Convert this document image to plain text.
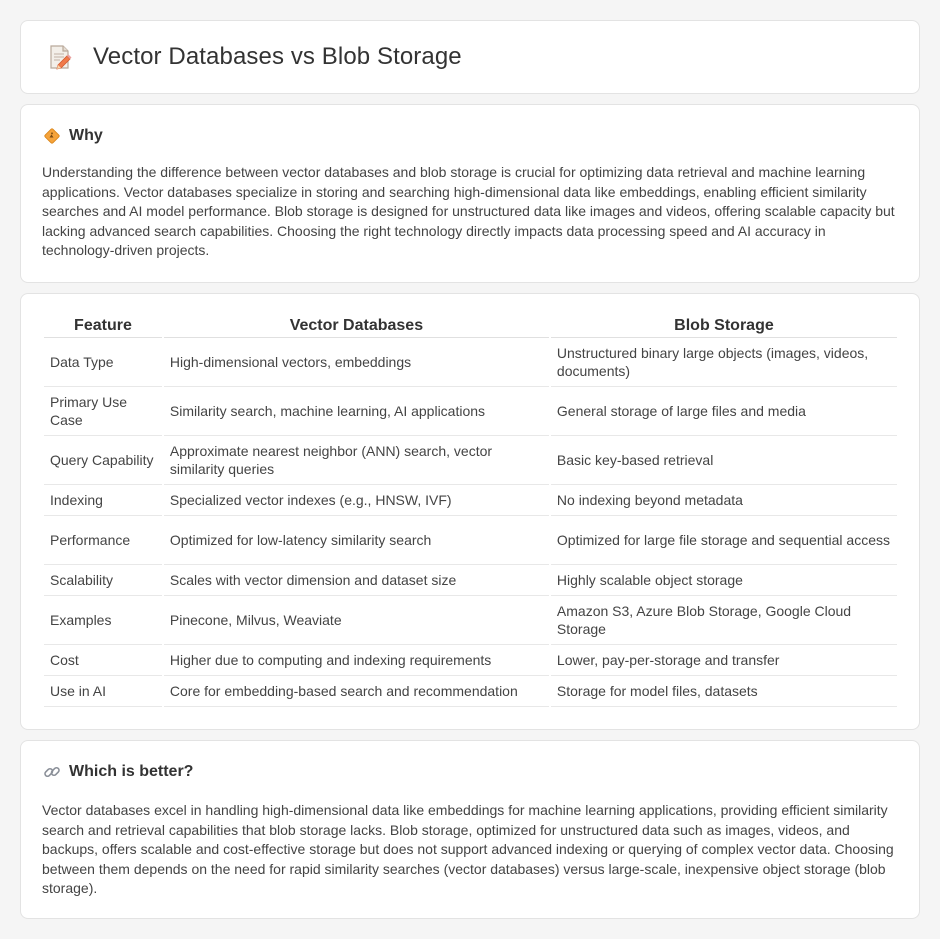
Vector Databases vs Blob Storage
Why

Understanding the difference between vector databases and blob storage is crucial for optimizing data retrieval and machine learning applications. Vector databases specialize in storing and searching high-dimensional data like embeddings, enabling efficient similarity searches and AI model performance. Blob storage is designed for unstructured data like images and videos, offering scalable capacity but lacking advanced search capabilities. Choosing the right technology directly impacts data processing speed and AI accuracy in technology-driven projects.

Feature	Vector Databases	Blob Storage
Data Type	High-dimensional vectors, embeddings	Unstructured binary large objects (images, videos, documents)
Primary Use Case	Similarity search, machine learning, AI applications	General storage of large files and media
Query Capability	Approximate nearest neighbor (ANN) search, vector similarity queries	Basic key-based retrieval
Indexing	Specialized vector indexes (e.g., HNSW, IVF)	No indexing beyond metadata
Performance	Optimized for low-latency similarity search	Optimized for large file storage and sequential access
Scalability	Scales with vector dimension and dataset size	Highly scalable object storage
Examples	Pinecone, Milvus, Weaviate	Amazon S3, Azure Blob Storage, Google Cloud Storage
Cost	Higher due to computing and indexing requirements	Lower, pay-per-storage and transfer
Use in AI	Core for embedding-based search and recommendation	Storage for model files, datasets
Which is better?

Vector databases excel in handling high-dimensional data like embeddings for machine learning applications, providing efficient similarity search and retrieval capabilities that blob storage lacks. Blob storage, optimized for unstructured data such as images, videos, and backups, offers scalable and cost-effective storage but does not support advanced indexing or querying of complex vector data. Choosing between them depends on the need for rapid similarity searches (vector databases) versus large-scale, inexpensive object storage (blob storage).
